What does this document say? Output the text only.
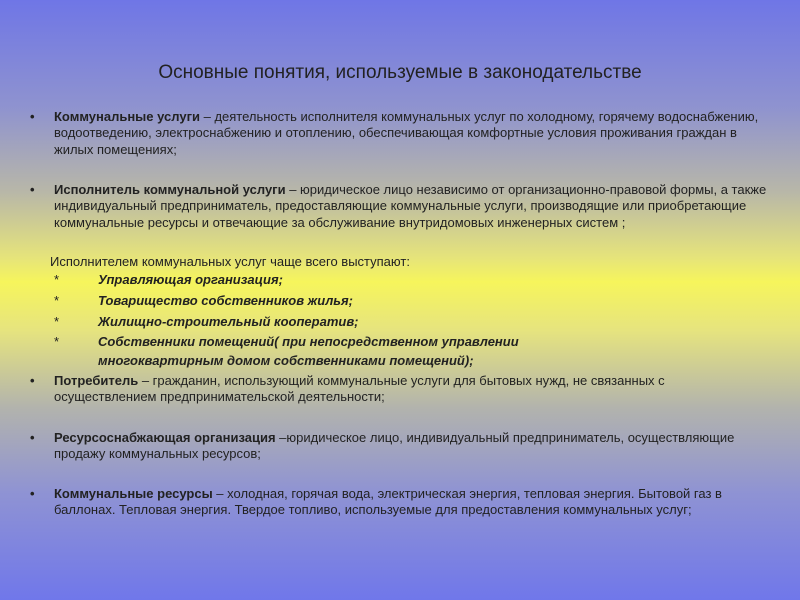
Основные понятия, используемые в законодательстве
• Коммунальные услуги – деятельность исполнителя коммунальных услуг по холодному, горячему водоснабжению, водоотведению, электроснабжению и отоплению, обеспечивающая комфортные условия проживания граждан в жилых помещениях;
• Исполнитель коммунальной услуги – юридическое лицо независимо от организационно-правовой формы, а также индивидуальный предприниматель, предоставляющие коммунальные услуги, производящие или приобретающие коммунальные ресурсы и отвечающие за обслуживание внутридомовых инженерных систем ;
Исполнителем коммунальных услуг чаще всего выступают:
*	Управляющая организация;
*	Товарищество собственников жилья;
*	Жилищно-строительный кооператив;
*	Собственники помещений( при непосредственном управлении
многоквартирным домом собственниками помещений);
• Потребитель – гражданин, использующий коммунальные услуги для бытовых нужд, не связанных с осуществлением предпринимательской деятельности;
• Ресурсоснабжающая организация –юридическое лицо, индивидуальный предприниматель, осуществляющие продажу коммунальных ресурсов;
• Коммунальные ресурсы – холодная, горячая вода, электрическая энергия, тепловая энергия. Бытовой газ в баллонах. Тепловая энергия. Твердое топливо, используемые для предоставления коммунальных услуг;
